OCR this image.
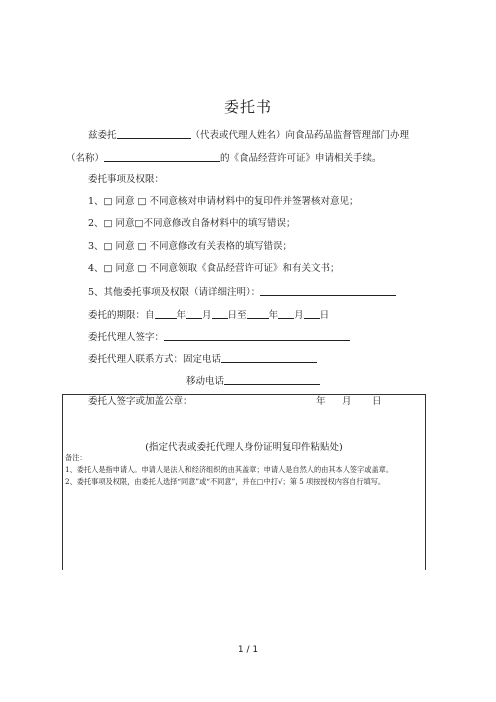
委托书
兹委托	（代表或代理人姓名）向食品药品监督管理部门办理
（名称）	的《食品经营许可证》申请相关手续。
委托事项及权限：
1、□ 同意 □ 不同意核对申请材料中的复印件并签署核对意见；
2、□ 同意□不同意修改自备材料中的填写错误；
3、□ 同意 □ 不同意修改有关表格的填写错误；
4、□ 同意 □ 不同意领取《食品经营许可证》和有关文书；
5、其他委托事项及权限（请详细注明）：
委托的期限：自 年 月 日至 年 月 日
委托代理人签字：
委托代理人联系方式：固定电话
移动电话
委托人签字或加盖公章：	年 月 日
(指定代表或委托代理人身份证明复印件粘贴处)
备注：
1、委托人是指申请人。申请人是法人和经济组织的由其盖章；申请人是自然人的由其本人签字或盖章。
2、委托事项及权限，由委托人选择“同意”或“不同意”，并在□中打√；第 5 项按授权内容自行填写。
1 / 1
